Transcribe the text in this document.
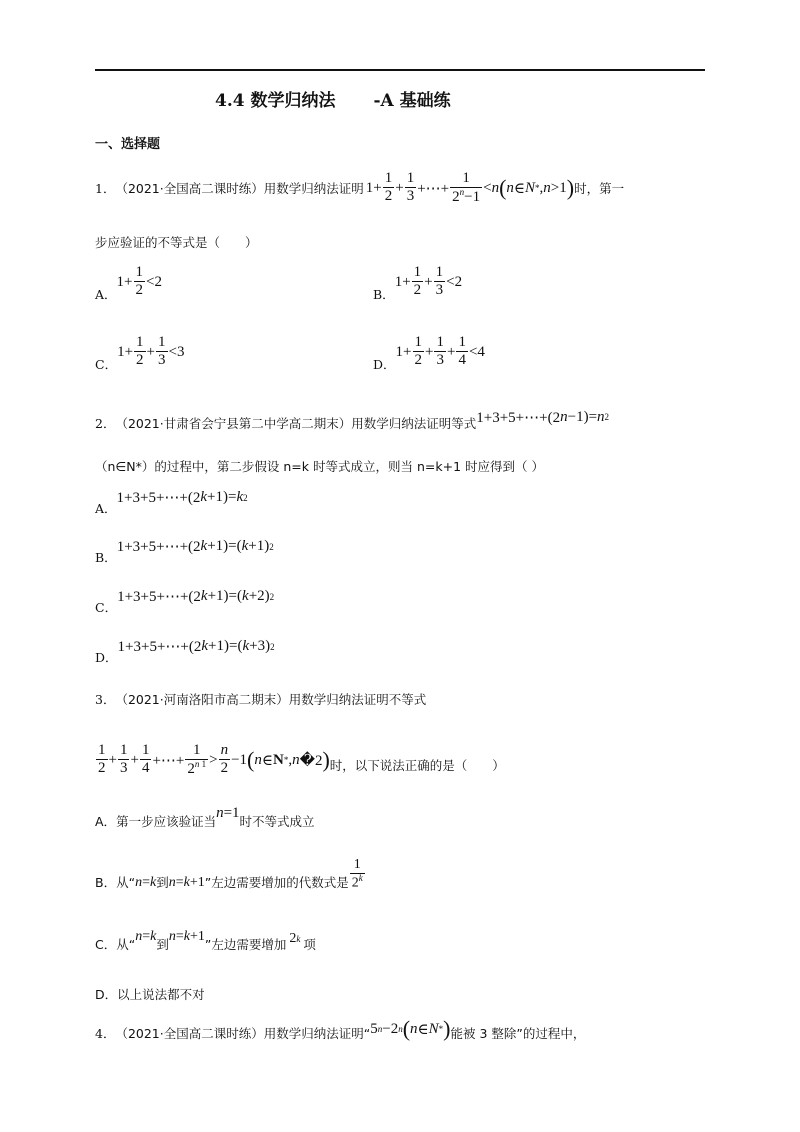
4.4 数学归纳法 -A 基础练
一、选择题
1． （2021·全国高二课时练） 用数学归纳法证明 $1+ \frac{1}{2} + \frac{1}{3}$ +⋯+ $\frac{1}{2^n-1} < n$ ( n ∈ N * , n >1 ) 时，第一
步应验证的不等式是（　　）
A．
$1+ \frac{1}{2} <2$
B．
$1+ \frac{1}{2} + \frac{1}{3} <2$
C．
$1+ \frac{1}{2} + \frac{1}{3} <3$
D．
$1+ \frac{1}{2} + \frac{1}{3} + \frac{1}{4} <4$
2． （2021·甘肃省会宁县第二中学高二期末） 用数学归纳法证明等式 1+3+5+⋯+(2 n −1)= n 2
（n∈N*）的过程中，第二步假设 n=k 时等式成立，则当 n=k+1 时应得到（ ）
A．
1+3+5+⋯+(2 k +1)= k 2
B．
1+3+5+⋯+(2 k +1)=( k +1) 2
C．
1+3+5+⋯+(2 k +1)=( k +2) 2
D．
1+3+5+⋯+(2 k +1)=( k +3) 2
3． （2021·河南洛阳市高二期末） 用数学归纳法证明不等式
$\frac{1}{2} + \frac{1}{3} + \frac{1}{4}$ +⋯+ $\frac{1}{2^{n 1}} > \frac{n}{2} -1$ ( n ∈ N * , n �2 ) 时，以下说法正确的是（　　）
A． 第一步应该验证当
n =1
时不等式成立
B． 从“ n = k 到 n = k +1 ”左边需要增加的代数式是 $\frac{1}{2^k}$
C． 从“
n = k
到
n = k +1
”左边需要增加 2 k 项
D． 以上说法都不对
4． （2021·全国高二课时练） 用数学归纳法证明“ 5 n −2 n ( n ∈ N * ) 能被 3 整除”的过程中，
